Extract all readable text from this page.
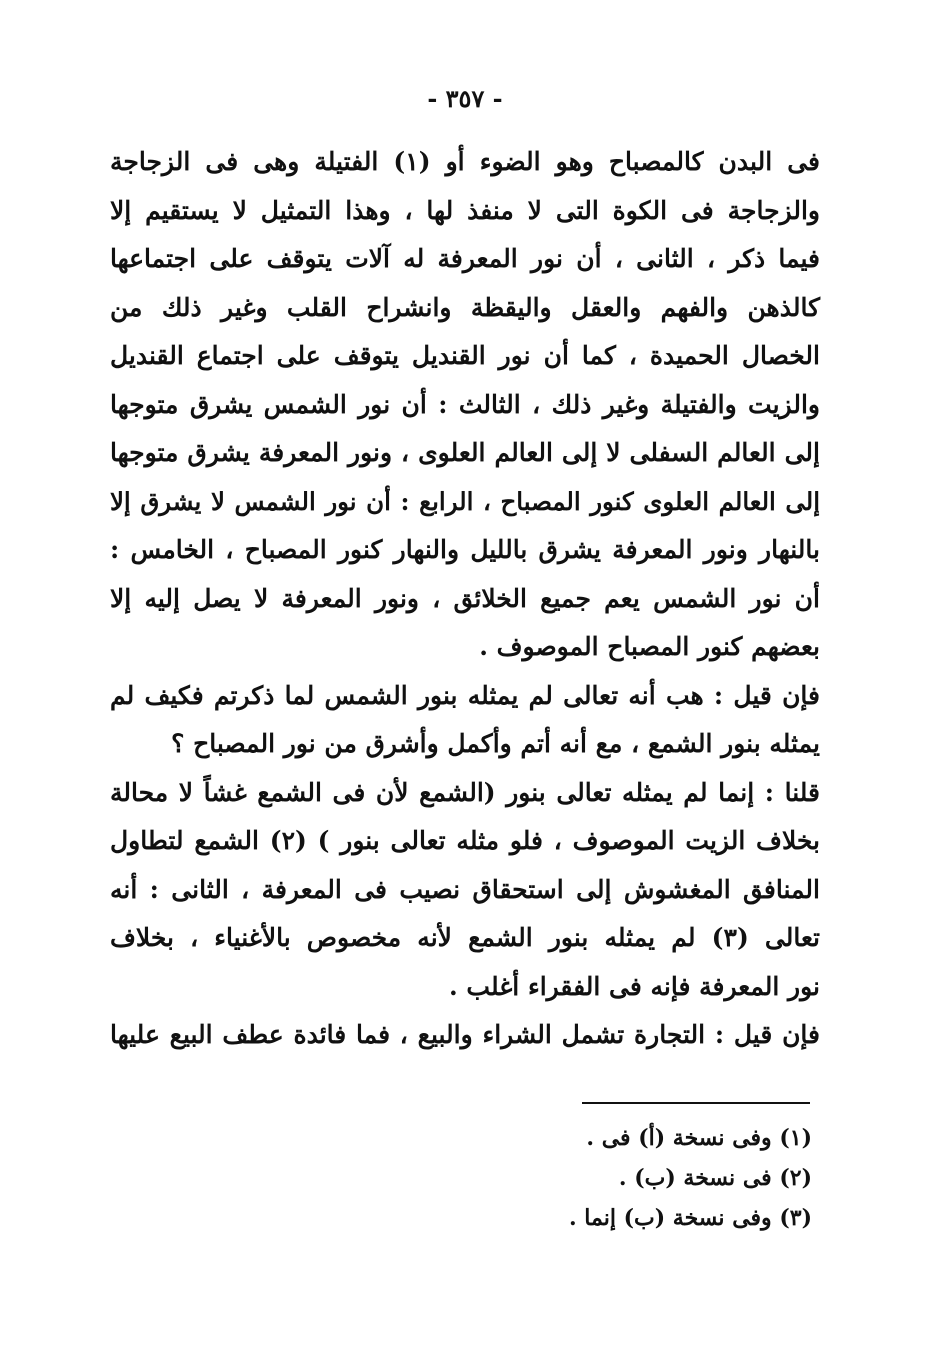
- ٣٥٧ -
فى البدن كالمصباح وهو الضوء أو (١) الفتيلة وهى فى الزجاجة
والزجاجة فى الكوة التى لا منفذ لها ، وهذا التمثيل لا يستقيم إلا
فيما ذكر ، الثانى ، أن نور المعرفة له آلات يتوقف على اجتماعها
كالذهن والفهم والعقل واليقظة وانشراح القلب وغير ذلك من
الخصال الحميدة ، كما أن نور القنديل يتوقف على اجتماع القنديل
والزيت والفتيلة وغير ذلك ، الثالث : أن نور الشمس يشرق متوجها
إلى العالم السفلى لا إلى العالم العلوى ، ونور المعرفة يشرق متوجها
إلى العالم العلوى كنور المصباح ، الرابع : أن نور الشمس لا يشرق إلا
بالنهار ونور المعرفة يشرق بالليل والنهار كنور المصباح ، الخامس :
أن نور الشمس يعم جميع الخلائق ، ونور المعرفة لا يصل إليه إلا
بعضهم كنور المصباح الموصوف .
فإن قيل : هب أنه تعالى لم يمثله بنور الشمس لما ذكرتم فكيف لم
يمثله بنور الشمع ، مع أنه أتم وأكمل وأشرق من نور المصباح ؟
قلنا : إنما لم يمثله تعالى بنور (الشمع لأن فى الشمع غشاً لا محالة
بخلاف الزيت الموصوف ، فلو مثله تعالى بنور ) (٢) الشمع لتطاول
المنافق المغشوش إلى استحقاق نصيب فى المعرفة ، الثانى : أنه
تعالى (٣) لم يمثله بنور الشمع لأنه مخصوص بالأغنياء ، بخلاف
نور المعرفة فإنه فى الفقراء أغلب .
فإن قيل : التجارة تشمل الشراء والبيع ، فما فائدة عطف البيع عليها
(١) وفى نسخة (أ) فى .
(٢) فى نسخة (ب) .
(٣) وفى نسخة (ب) إنما .
